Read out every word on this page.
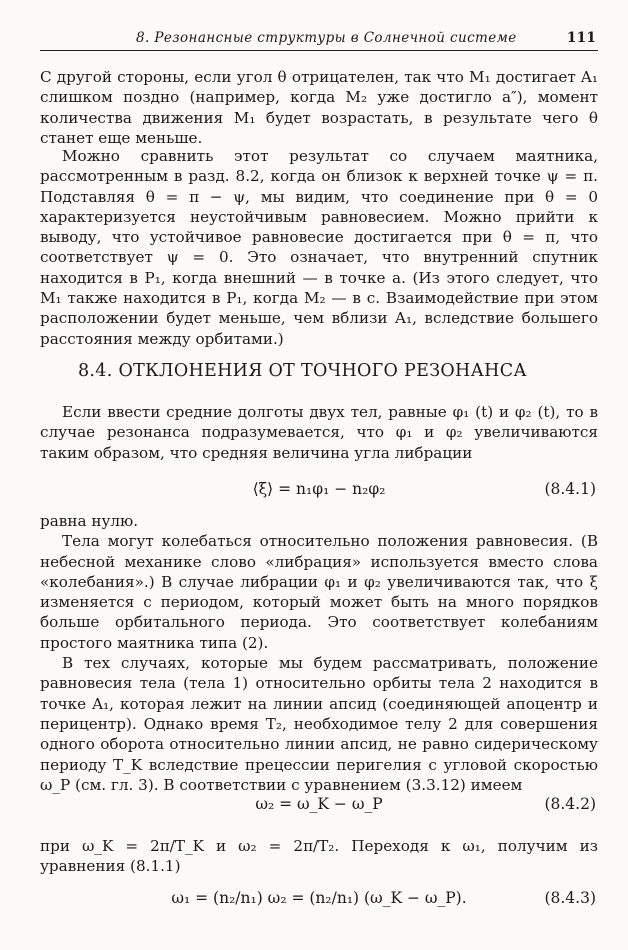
8. Резонансные структуры в Солнечной системе	111

С другой стороны, если угол θ отрицателен, так что M₁ достигает A₁ слишком поздно (например, когда M₂ уже достигло a″), момент количества движения M₁ будет возрастать, в результате чего θ станет еще меньше.

Можно сравнить этот результат со случаем маятника, рассмотренным в разд. 8.2, когда он близок к верхней точке ψ = π. Подставляя θ = π − ψ, мы видим, что соединение при θ = 0 характеризуется неустойчивым равновесием. Можно прийти к выводу, что устойчивое равновесие достигается при θ = π, что соответствует ψ = 0. Это означает, что внутренний спутник находится в P₁, когда внешний — в точке a. (Из этого следует, что M₁ также находится в P₁, когда M₂ — в c. Взаимодействие при этом расположении будет меньше, чем вблизи A₁, вследствие большего расстояния между орбитами.)

8.4. ОТКЛОНЕНИЯ ОТ ТОЧНОГО РЕЗОНАНСА

Если ввести средние долготы двух тел, равные φ₁ (t) и φ₂ (t), то в случае резонанса подразумевается, что φ₁ и φ₂ увеличиваются таким образом, что средняя величина угла либрации

⟨ξ⟩ = n₁φ₁ − n₂φ₂	(8.4.1)

равна нулю.

Тела могут колебаться относительно положения равновесия. (В небесной механике слово «либрация» используется вместо слова «колебания».) В случае либрации φ₁ и φ₂ увеличиваются так, что ξ изменяется с периодом, который может быть на много порядков больше орбитального периода. Это соответствует колебаниям простого маятника типа (2).

В тех случаях, которые мы будем рассматривать, положение равновесия тела (тела 1) относительно орбиты тела 2 находится в точке A₁, которая лежит на линии апсид (соединяющей апоцентр и перицентр). Однако время T₂, необходимое телу 2 для совершения одного оборота относительно линии апсид, не равно сидерическому периоду T_K вследствие прецессии перигелия с угловой скоростью ω_P (см. гл. 3). В соответствии с уравнением (3.3.12) имеем

ω₂ = ω_K − ω_P	(8.4.2)

при ω_K = 2π/T_K и ω₂ = 2π/T₂. Переходя к ω₁, получим из уравнения (8.1.1)

ω₁ = (n₂/n₁) ω₂ = (n₂/n₁) (ω_K − ω_P).	(8.4.3)
